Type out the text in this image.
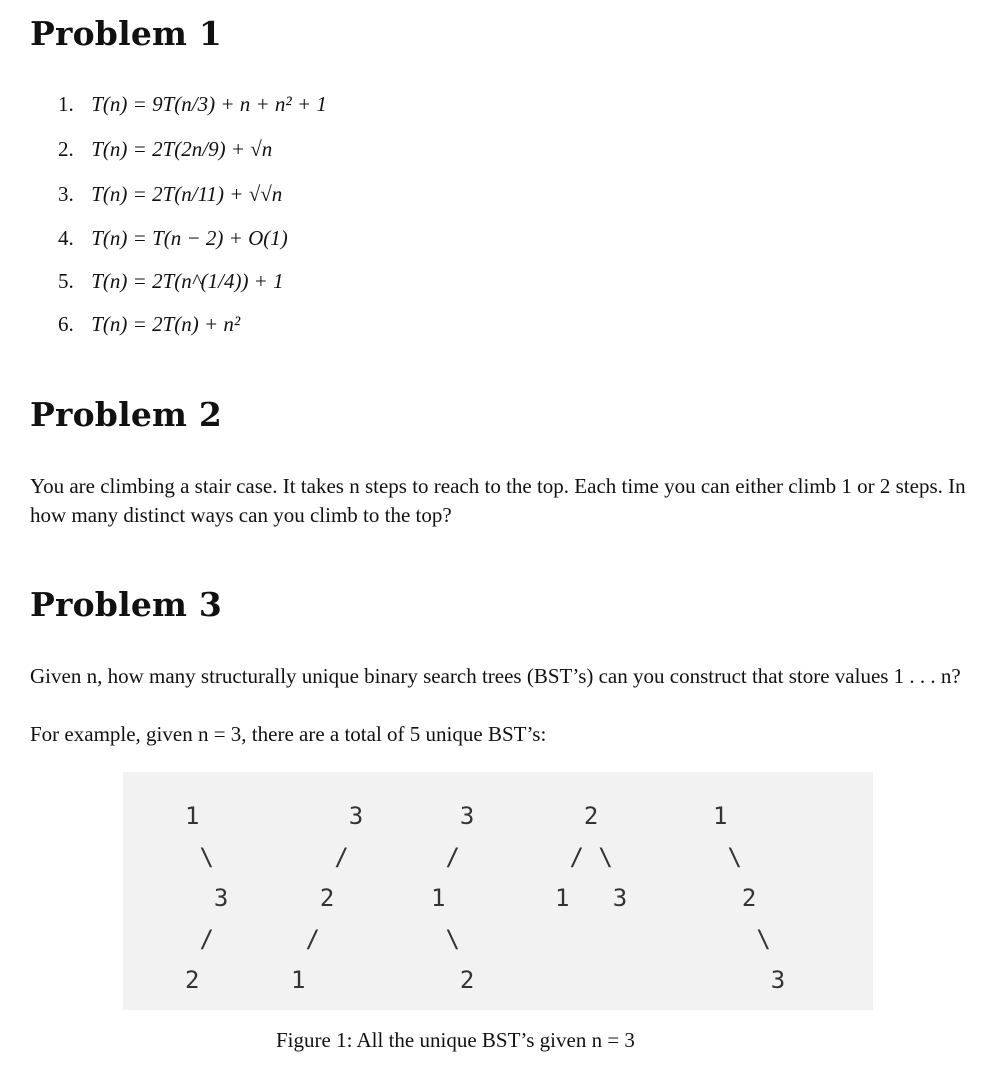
Problem 1
1. T(n) = 9T(n/3) + n + n² + 1
2. T(n) = 2T(2n/9) + √n
3. T(n) = 2T(n/11) + √√n
4. T(n) = T(n − 2) + O(1)
5. T(n) = 2T(n^(1/4)) + 1
6. T(n) = 2T(n) + n²
Problem 2
You are climbing a stair case. It takes n steps to reach to the top. Each time you can either climb 1 or 2 steps. In how many distinct ways can you climb to the top?
Problem 3
Given n, how many structurally unique binary search trees (BST’s) can you construct that store values 1 . . . n?
For example, given n = 3, there are a total of 5 unique BST’s:
1
\
3
/
2
3
/
2
/
1
3
/
1
\
2
2
/ \
1   3
1
\
2
\
3
Figure 1: All the unique BST’s given n = 3
